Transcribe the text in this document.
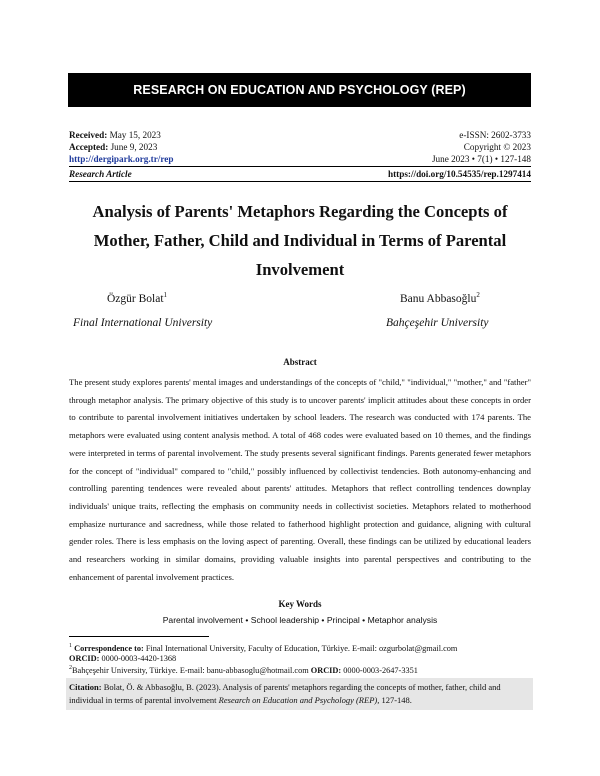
RESEARCH ON EDUCATION AND PSYCHOLOGY (REP)
Received: May 15, 2023	e-ISSN: 2602-3733
Accepted: June 9, 2023	Copyright © 2023
http://dergipark.org.tr/rep	June 2023 • 7(1) • 127-148
Research Article	https://doi.org/10.54535/rep.1297414
Analysis of Parents' Metaphors Regarding the Concepts of
Mother, Father, Child and Individual in Terms of Parental
Involvement
Özgür Bolat$^1$	Banu Abbasoğlu$^2$
Final International University	Bahçeşehir University
Abstract
The present study explores parents' mental images and understandings of the concepts of "child," "individual," "mother," and "father" through metaphor analysis. The primary objective of this study is to uncover parents' implicit attitudes about these concepts in order to contribute to parental involvement initiatives undertaken by school leaders. The research was conducted with 174 parents. The metaphors were evaluated using content analysis method. A total of 468 codes were evaluated based on 10 themes, and the findings were interpreted in terms of parental involvement. The study presents several significant findings. Parents generated fewer metaphors for the concept of "individual" compared to "child," possibly influenced by collectivist tendencies. Both autonomy-enhancing and controlling parenting tendences were revealed about parents' attitudes. Metaphors that reflect controlling tendences downplay individuals' unique traits, reflecting the emphasis on community needs in collectivist societies. Metaphors related to motherhood emphasize nurturance and sacredness, while those related to fatherhood highlight protection and guidance, aligning with cultural gender roles. There is less emphasis on the loving aspect of parenting. Overall, these findings can be utilized by educational leaders and researchers working in similar domains, providing valuable insights into parental perspectives and contributing to the enhancement of parental involvement practices.
Key Words
Parental involvement • School leadership • Principal • Metaphor analysis
$^1$ Correspondence to: Final International University, Faculty of Education, Türkiye. E-mail: ozgurbolat@gmail.com
ORCID: 0000-0003-4420-1368
$^2$Bahçeşehir University, Türkiye. E-mail: banu-abbasoglu@hotmail.com ORCID: 0000-0003-2647-3351
Citation: Bolat, Ö. & Abbasoğlu, B. (2023). Analysis of parents' metaphors regarding the concepts of mother, father, child and individual in terms of parental involvement Research on Education and Psychology (REP), 127-148.
